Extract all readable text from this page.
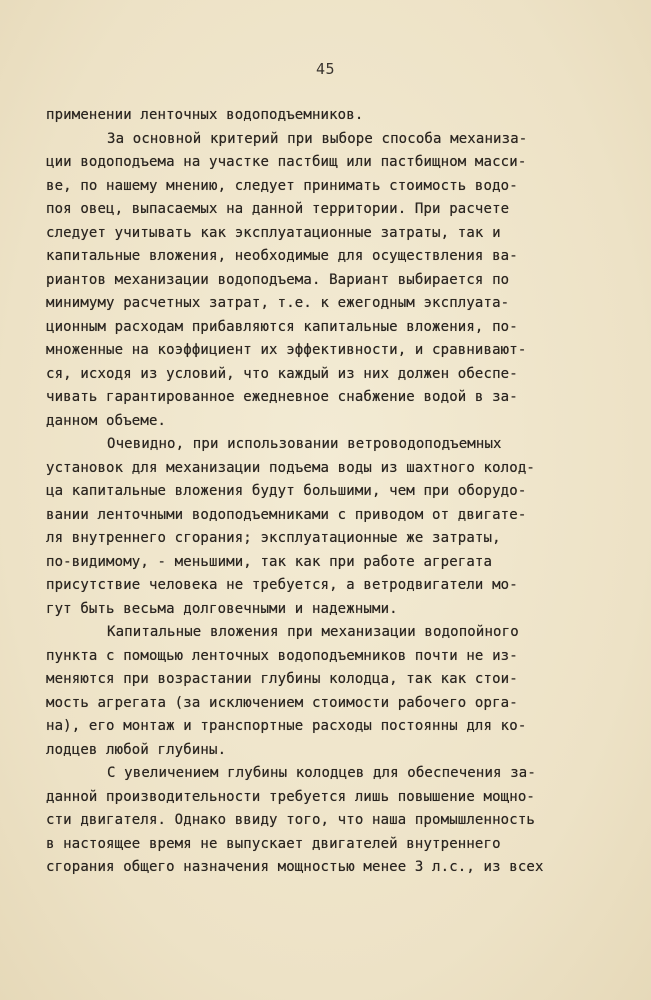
45
применении ленточных водоподъемников.
За основной критерий при выборе способа механиза-
ции водоподъема на участке пастбищ или пастбищном масси-
ве, по нашему мнению, следует принимать стоимость водо-
поя овец, выпасаемых на данной территории. При расчете
следует учитывать как эксплуатационные затраты, так и
капитальные вложения, необходимые для осуществления ва-
риантов механизации водоподъема. Вариант выбирается по
минимуму расчетных затрат, т.е. к ежегодным эксплуата-
ционным расходам прибавляются капитальные вложения, по-
множенные на коэффициент их эффективности, и сравнивают-
ся, исходя из условий, что каждый из них должен обеспе-
чивать гарантированное ежедневное снабжение водой в за-
данном объеме.
Очевидно, при использовании ветроводоподъемных
установок для механизации подъема воды из шахтного колод-
ца капитальные вложения будут большими, чем при оборудо-
вании ленточными водоподъемниками с приводом от двигате-
ля внутреннего сгорания; эксплуатационные же затраты,
по-видимому, - меньшими, так как при работе агрегата
присутствие человека не требуется, а ветродвигатели мо-
гут быть весьма долговечными и надежными.
Капитальные вложения при механизации водопойного
пункта с помощью ленточных водоподъемников почти не из-
меняются при возрастании глубины колодца, так как стои-
мость агрегата (за исключением стоимости рабочего орга-
на), его монтаж и транспортные расходы постоянны для ко-
лодцев любой глубины.
С увеличением глубины колодцев для обеспечения за-
данной производительности требуется лишь повышение мощно-
сти двигателя. Однако ввиду того, что наша промышленность
в настоящее время не выпускает двигателей внутреннего
сгорания общего назначения мощностью менее 3 л.с., из всех
